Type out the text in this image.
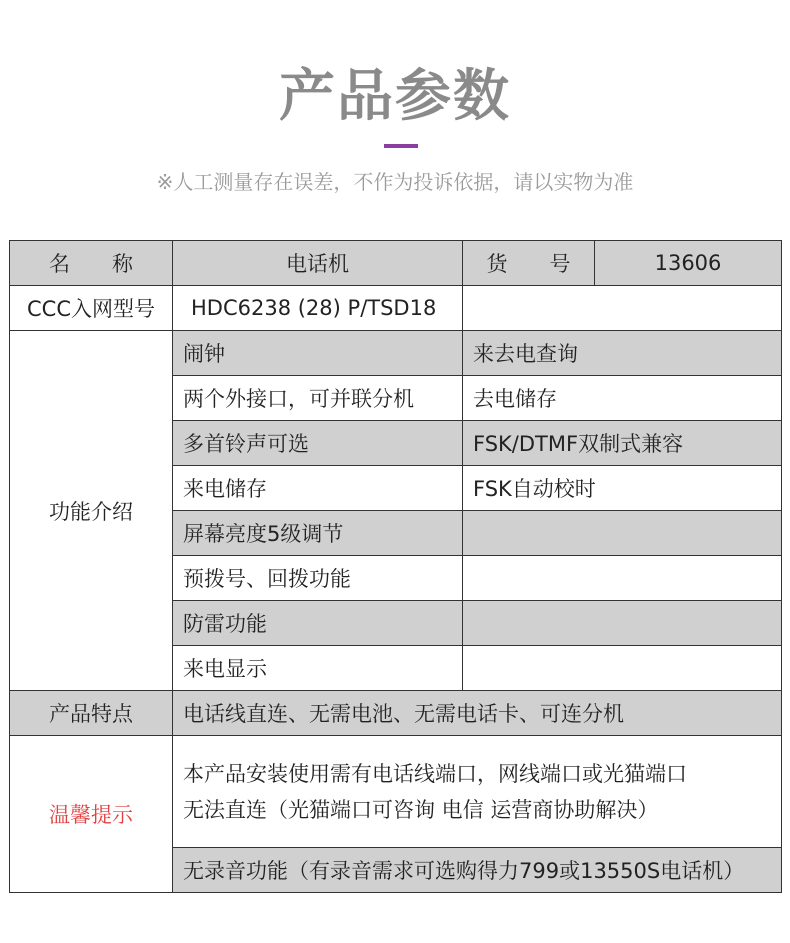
产品参数
※人工测量存在误差，不作为投诉依据，请以实物为准
名　　称	电话机	货　　号	13606
CCC入网型号	HDC6238 (28) P/TSD18		
功能介绍	闹钟	来去电查询	
	两个外接口，可并联分机	去电储存	
	多首铃声可选	FSK/DTMF双制式兼容	
	来电储存	FSK自动校时	
	屏幕亮度5级调节		
	预拨号、回拨功能		
	防雷功能		
	来电显示		
产品特点	电话线直连、无需电池、无需电话卡、可连分机		
温馨提示	本产品安装使用需有电话线端口，网线端口或光猫端口
无法直连（光猫端口可咨询 电信 运营商协助解决）		

	无录音功能（有录音需求可选购得力799或13550S电话机）		
